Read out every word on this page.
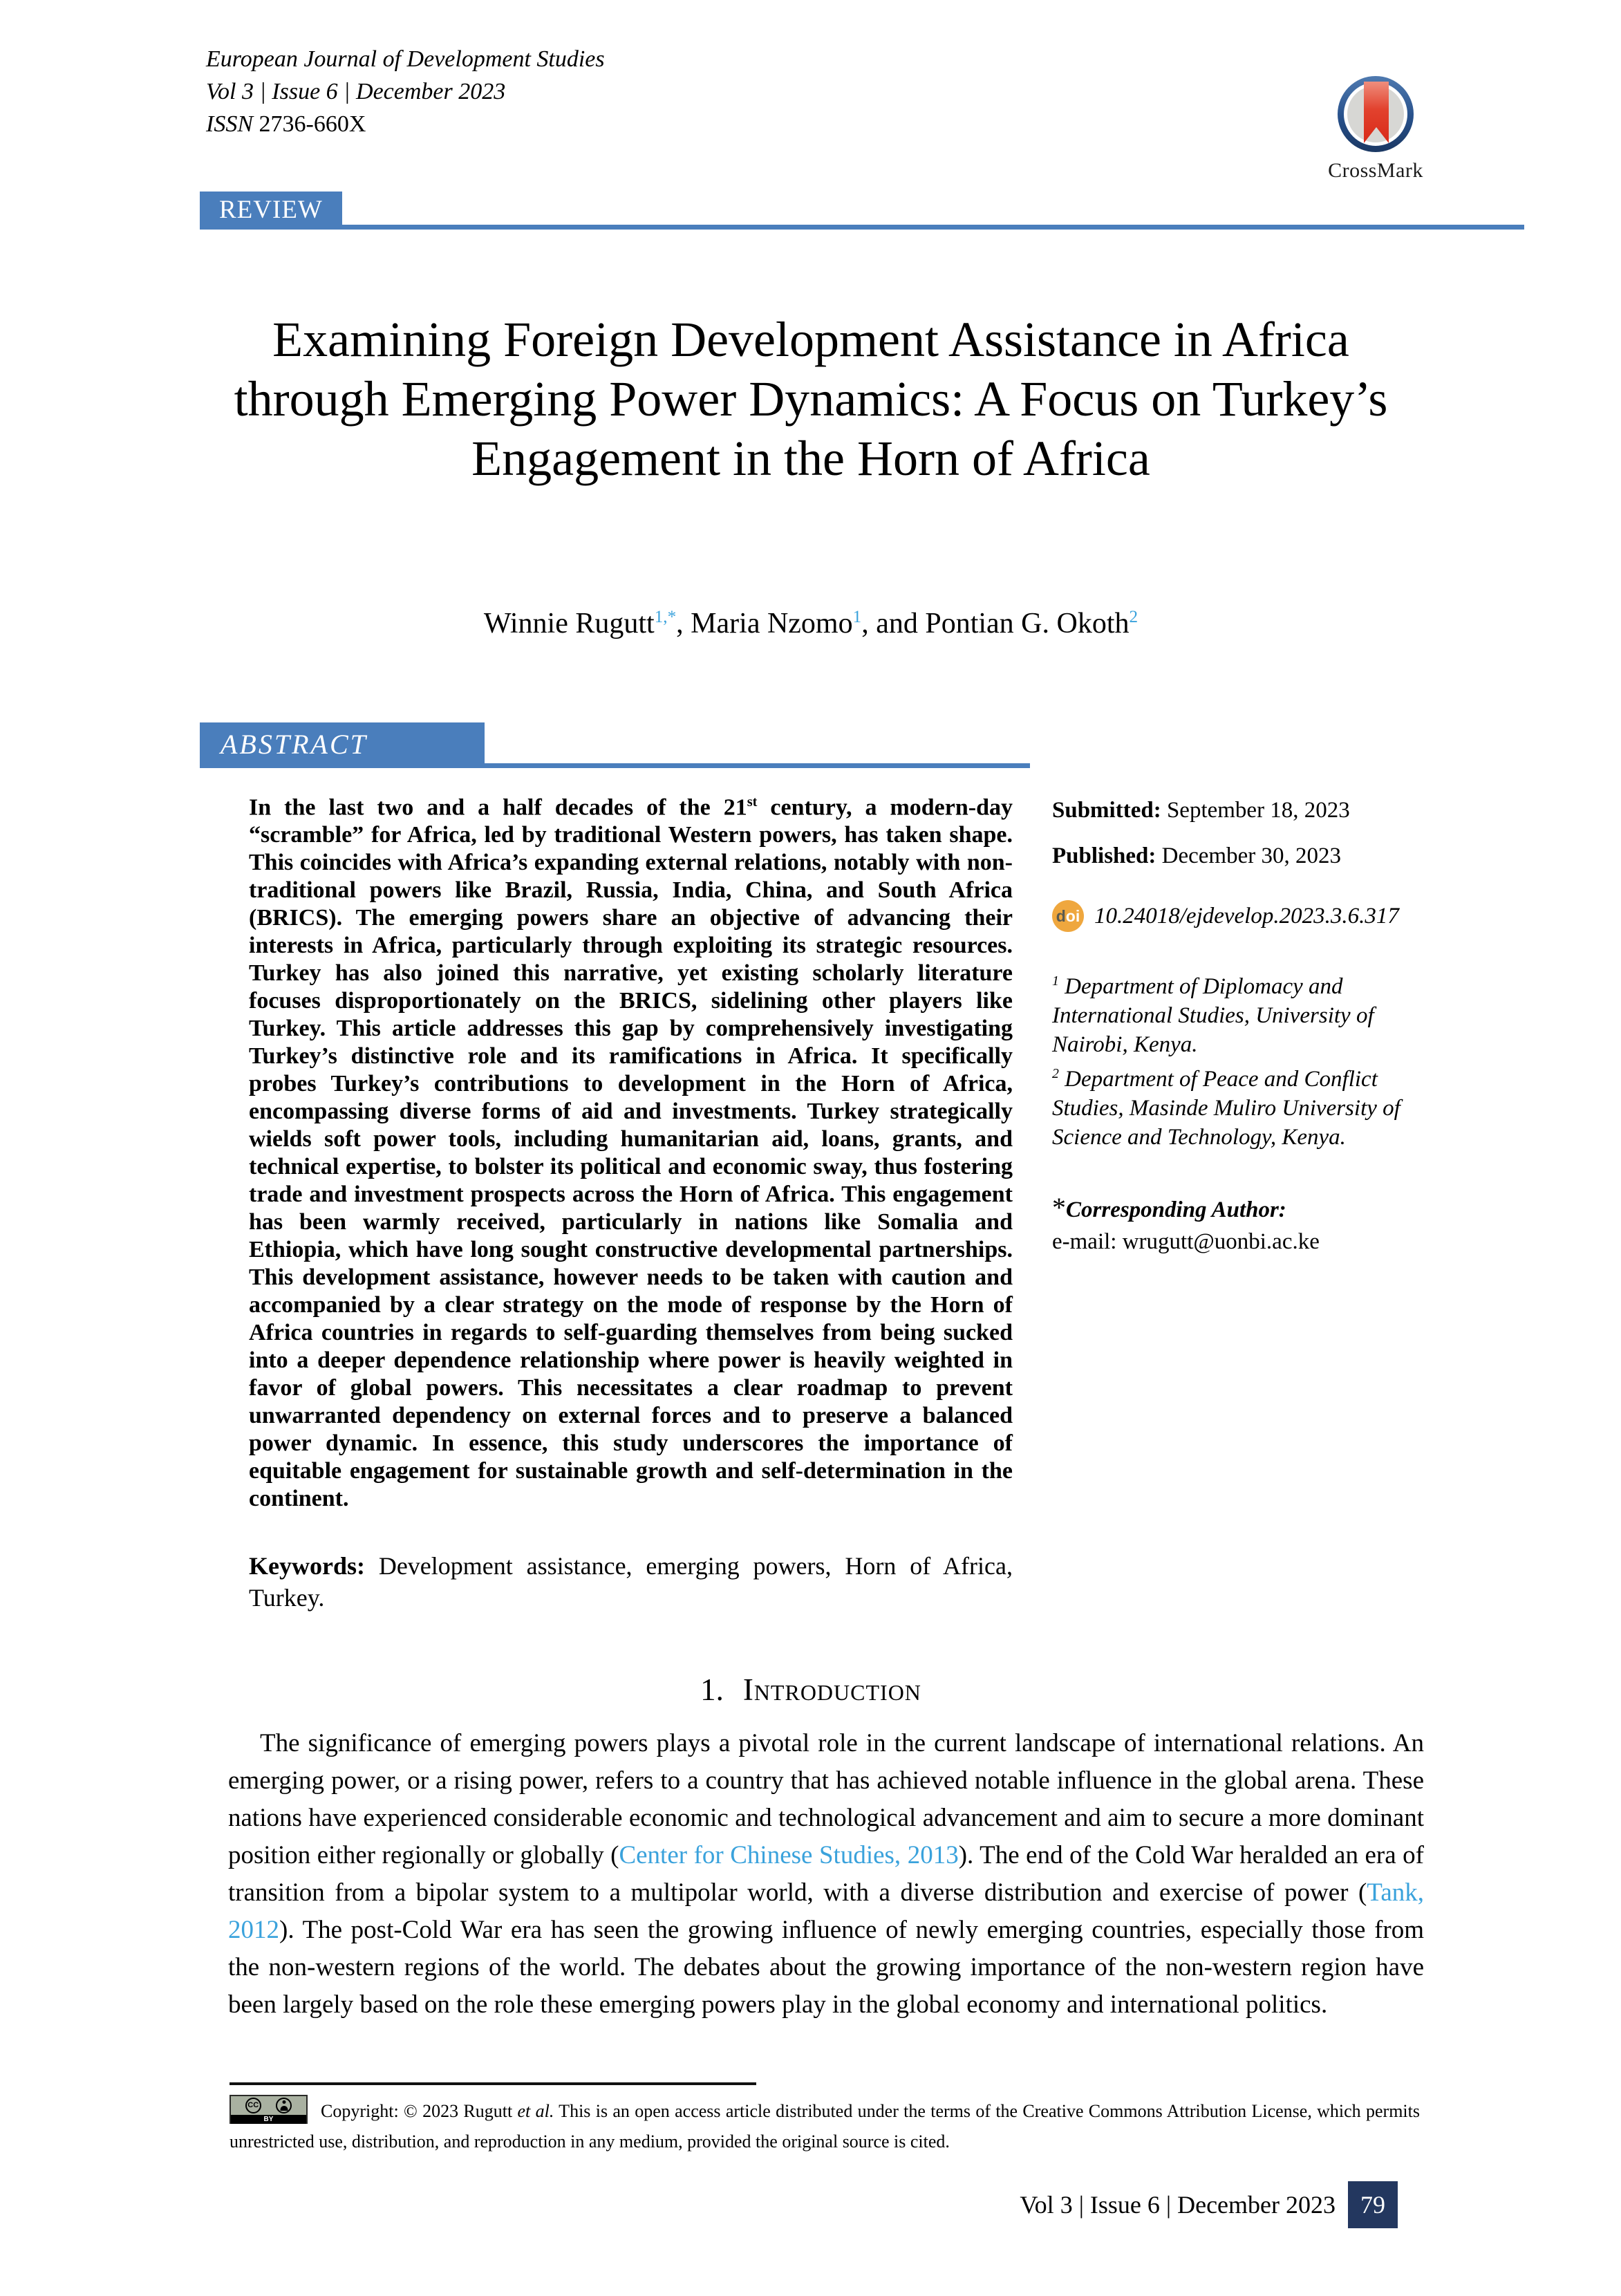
European Journal of Development Studies

Vol 3 | Issue 6 | December 2023

ISSN 2736-660X

CrossMark
REVIEW
Examining Foreign Development Assistance in Africa through Emerging Power Dynamics: A Focus on Turkey’s Engagement in the Horn of Africa

Winnie Rugutt$^{1,*}$, Maria Nzomo$^1$, and Pontian G. Okoth$^2$

ABSTRACT

In the last two and a half decades of the 21st century, a modern-day “scramble” for Africa, led by traditional Western powers, has taken shape. This coincides with Africa’s expanding external relations, notably with non-traditional powers like Brazil, Russia, India, China, and South Africa (BRICS). The emerging powers share an objective of advancing their interests in Africa, particularly through exploiting its strategic resources. Turkey has also joined this narrative, yet existing scholarly literature focuses disproportionately on the BRICS, sidelining other players like Turkey. This article addresses this gap by comprehensively investigating Turkey’s distinctive role and its ramifications in Africa. It specifically probes Turkey’s contributions to development in the Horn of Africa, encompassing diverse forms of aid and investments. Turkey strategically wields soft power tools, including humanitarian aid, loans, grants, and technical expertise, to bolster its political and economic sway, thus fostering trade and investment prospects across the Horn of Africa. This engagement has been warmly received, particularly in nations like Somalia and Ethiopia, which have long sought constructive developmental partnerships. This development assistance, however needs to be taken with caution and accompanied by a clear strategy on the mode of response by the Horn of Africa countries in regards to self-guarding themselves from being sucked into a deeper dependence relationship where power is heavily weighted in favor of global powers. This necessitates a clear roadmap to prevent unwarranted dependency on external forces and to preserve a balanced power dynamic. In essence, this study underscores the importance of equitable engagement for sustainable growth and self-determination in the continent.

Keywords: Development assistance, emerging powers, Horn of Africa, Turkey.

Submitted: September 18, 2023

Published: December 30, 2023

d oi 10.24018/ejdevelop.2023.3.6.317

$^1$ Department of Diplomacy and International Studies, University of Nairobi, Kenya.

$^2$ Department of Peace and Conflict Studies, Masinde Muliro University of Science and Technology, Kenya.

*Corresponding Author:

e-mail: wrugutt@uonbi.ac.ke

1. Introduction

The significance of emerging powers plays a pivotal role in the current landscape of international relations. An emerging power, or a rising power, refers to a country that has achieved notable influence in the global arena. These nations have experienced considerable economic and technological advancement and aim to secure a more dominant position either regionally or globally (Center for Chinese Studies, 2013). The end of the Cold War heralded an era of transition from a bipolar system to a multipolar world, with a diverse distribution and exercise of power (Tank, 2012). The post-Cold War era has seen the growing influence of newly emerging countries, especially those from the non-western regions of the world. The debates about the growing importance of the non-western region have been largely based on the role these emerging powers play in the global economy and international politics.

CC
BY	Copyright: © 2023 Rugutt et al. This is an open access article distributed under the terms of the Creative Commons Attribution License, which permits unrestricted use, distribution, and reproduction in any medium, provided the original source is cited.

Vol 3 | Issue 6 | December 2023	79
